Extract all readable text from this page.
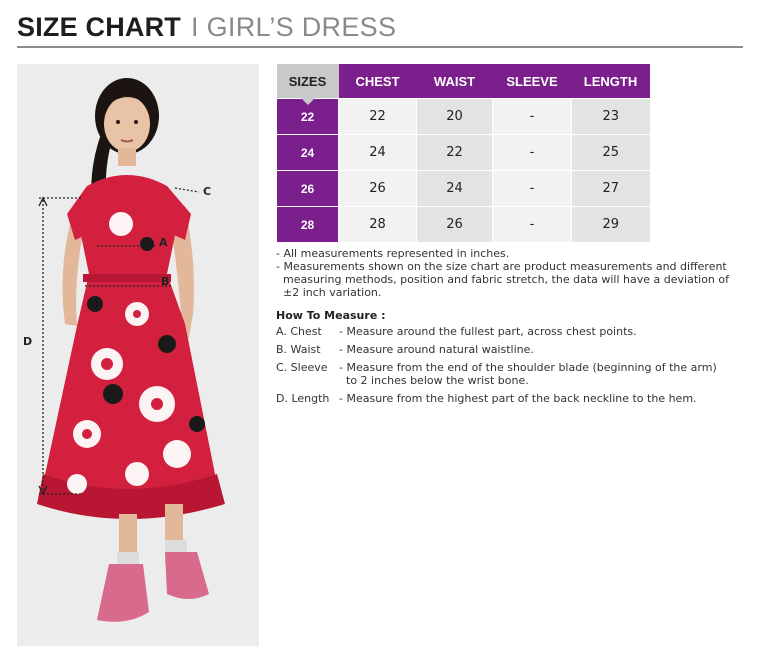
SIZE CHART I GIRL’S DRESS
C
A
B
D
SIZES	CHEST	WAIST	SLEEVE	LENGTH
22	22	20	-	23
24	24	22	-	25
26	26	24	-	27
28	28	26	-	29
- All measurements represented in inches.
- Measurements shown on the size chart are product measurements and different
measuring methods, position and fabric stretch, the data will have a deviation of
±2 inch variation.
How To Measure :
A. Chest	- Measure around the fullest part, across chest points.
B. Waist	- Measure around natural waistline.
C. Sleeve	- Measure from the end of the shoulder blade (beginning of the arm)
to 2 inches below the wrist bone.
D. Length - Measure from the highest part of the back neckline to the hem.
